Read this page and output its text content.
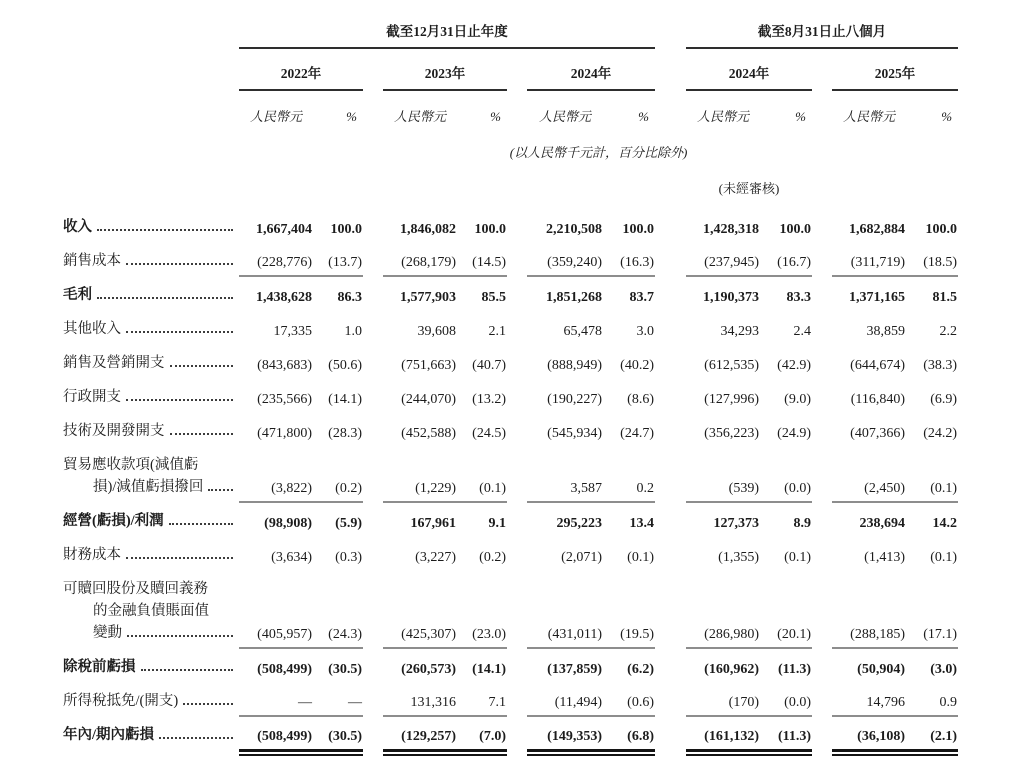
	截至12月31日止年度									截至8月31日止八個月				
	2022年			2023年			2024年			2024年			2025年	
	人民幣元	%		人民幣元	%		人民幣元	%		人民幣元	%		人民幣元	%
	(以人民幣千元計，百分比除外)													
										(未經審核)				

收入	1,667,404	100.0		1,846,082	100.0		2,210,508	100.0		1,428,318	100.0		1,682,884	100.0

銷售成本	(228,776)	(13.7)		(268,179)	(14.5)		(359,240)	(16.3)		(237,945)	(16.7)		(311,719)	(18.5)

毛利	1,438,628	86.3		1,577,903	85.5		1,851,268	83.7		1,190,373	83.3		1,371,165	81.5

其他收入	17,335	1.0		39,608	2.1		65,478	3.0		34,293	2.4		38,859	2.2

銷售及營銷開支	(843,683)	(50.6)		(751,663)	(40.7)		(888,949)	(40.2)		(612,535)	(42.9)		(644,674)	(38.3)

行政開支	(235,566)	(14.1)		(244,070)	(13.2)		(190,227)	(8.6)		(127,996)	(9.0)		(116,840)	(6.9)

技術及開發開支	(471,800)	(28.3)		(452,588)	(24.5)		(545,934)	(24.7)		(356,223)	(24.9)		(407,366)	(24.2)

貿易應收款項(減值虧
損)/減值虧損撥回	(3,822)	(0.2)		(1,229)	(0.1)		3,587	0.2		(539)	(0.0)		(2,450)	(0.1)

經營(虧損)/利潤	(98,908)	(5.9)		167,961	9.1		295,223	13.4		127,373	8.9		238,694	14.2

財務成本	(3,634)	(0.3)		(3,227)	(0.2)		(2,071)	(0.1)		(1,355)	(0.1)		(1,413)	(0.1)

可贖回股份及贖回義務
的金融負債賬面值
變動	(405,957)	(24.3)		(425,307)	(23.0)		(431,011)	(19.5)		(286,980)	(20.1)		(288,185)	(17.1)

除稅前虧損	(508,499)	(30.5)		(260,573)	(14.1)		(137,859)	(6.2)		(160,962)	(11.3)		(50,904)	(3.0)

所得稅抵免/(開支)	—	—		131,316	7.1		(11,494)	(0.6)		(170)	(0.0)		14,796	0.9

年內/期內虧損	(508,499)	(30.5)		(129,257)	(7.0)		(149,353)	(6.8)		(161,132)	(11.3)		(36,108)	(2.1)
